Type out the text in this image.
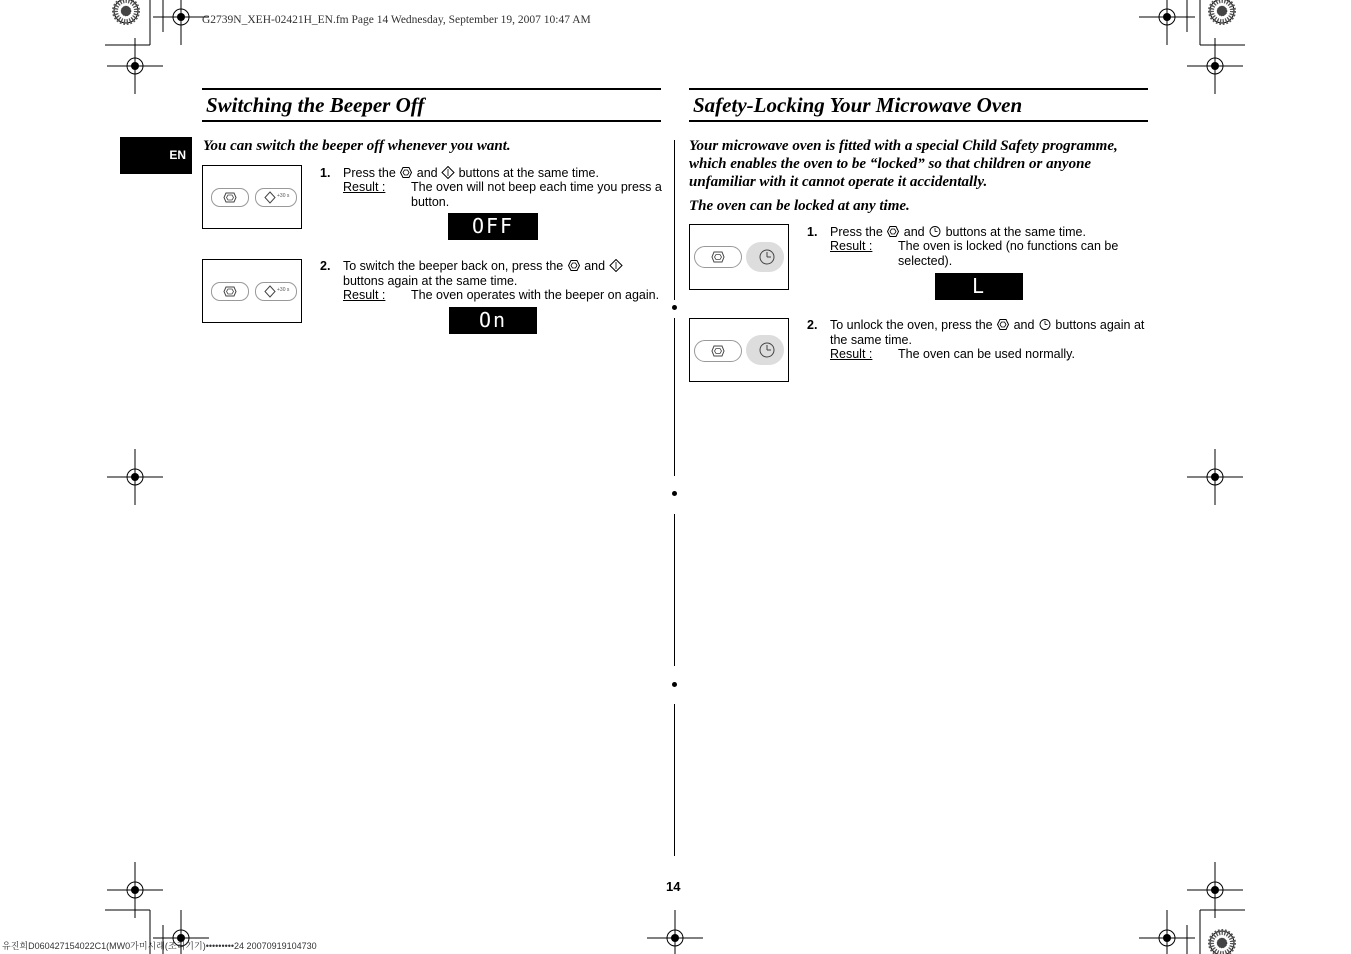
G2739N_XEH-02421H_EN.fm Page 14 Wednesday, September 19, 2007 10:47 AM
유진희D060427154022C1(MW0가미시래(조리기기)•••••••••24 20070919104730
EN
Switching the Beeper Off
You can switch the beeper off whenever you want.
+30 s
1. Press the and buttons at the same time.
Result : The oven will not beep each time you press a button.
OFF
+30 s
2. To switch the beeper back on, press the and  buttons again at the same time.
Result : The oven operates with the beeper on again.
On
Safety-Locking Your Microwave Oven
Your microwave oven is fitted with a special Child Safety programme, which enables the oven to be “locked” so that children or anyone unfamiliar with it cannot operate it accidentally.
The oven can be locked at any time.
1. Press the and buttons at the same time.
Result : The oven is locked (no functions can be selected).
L
2. To unlock the oven, press the and buttons again at the same time.
Result : The oven can be used normally.
14
